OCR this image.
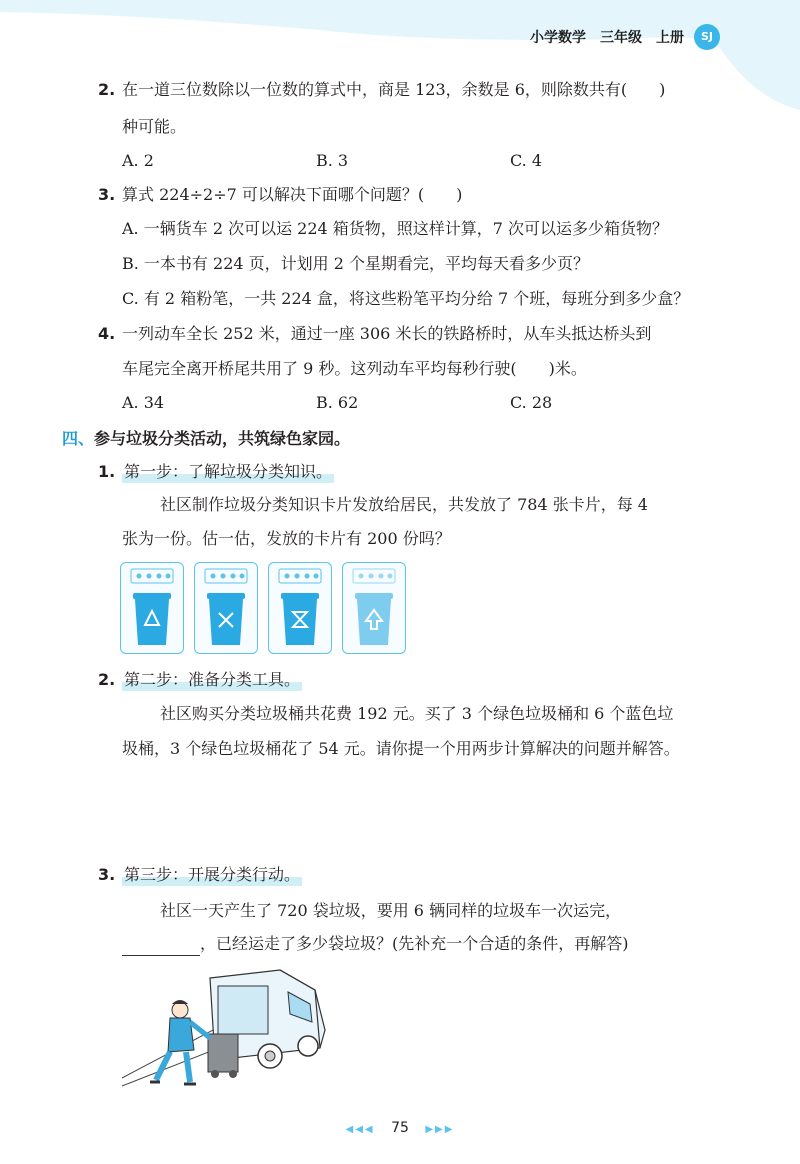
小学数学 三年级 上册	SJ
2. 在一道三位数除以一位数的算式中，商是 123，余数是 6，则除数共有(　　)
种可能。
A. 2	B. 3	C. 4
3. 算式 224÷2÷7 可以解决下面哪个问题？(　　)
A. 一辆货车 2 次可以运 224 箱货物，照这样计算，7 次可以运多少箱货物？
B. 一本书有 224 页，计划用 2 个星期看完，平均每天看多少页？
C. 有 2 箱粉笔，一共 224 盒，将这些粉笔平均分给 7 个班，每班分到多少盒？
4. 一列动车全长 252 米，通过一座 306 米长的铁路桥时，从车头抵达桥头到
车尾完全离开桥尾共用了 9 秒。这列动车平均每秒行驶(　　)米。
A. 34	B. 62	C. 28
四、参与垃圾分类活动，共筑绿色家园。
1. 第一步：了解垃圾分类知识。
社区制作垃圾分类知识卡片发放给居民，共发放了 784 张卡片，每 4
张为一份。估一估，发放的卡片有 200 份吗？
2. 第二步：准备分类工具。
社区购买分类垃圾桶共花费 192 元。买了 3 个绿色垃圾桶和 6 个蓝色垃
圾桶，3 个绿色垃圾桶花了 54 元。请你提一个用两步计算解决的问题并解答。
3. 第三步：开展分类行动。
社区一天产生了 720 袋垃圾，要用 6 辆同样的垃圾车一次运完，
，已经运走了多少袋垃圾？(先补充一个合适的条件，再解答)
◀◀◀ 75 ▶▶▶
